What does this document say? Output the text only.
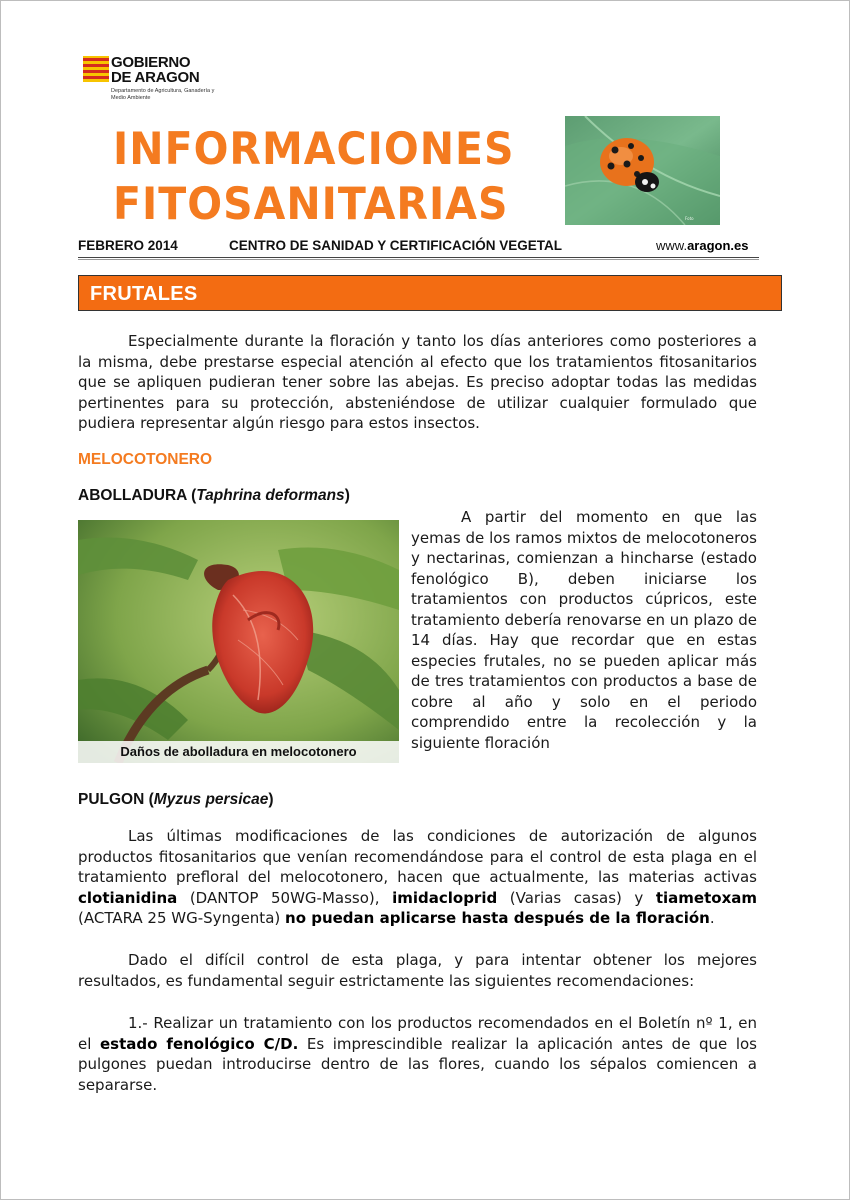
GOBIERNO
DE ARAGON
Departamento de Agricultura, Ganadería y Medio Ambiente
INFORMACIONES
FITOSANITARIAS	Foto
FEBRERO 2014	CENTRO DE SANIDAD Y CERTIFICACIÓN VEGETAL	www.aragon.es
FRUTALES
Especialmente durante la floración y tanto los días anteriores como posteriores a la misma, debe prestarse especial atención al efecto que los tratamientos fitosanitarios que se apliquen pudieran tener sobre las abejas. Es preciso adoptar todas las medidas pertinentes para su protección, absteniéndose de utilizar cualquier formulado que pudiera representar algún riesgo para estos insectos.
MELOCOTONERO
ABOLLADURA (Taphrina deformans)
Daños de abolladura en melocotonero
A partir del momento en que las yemas de los ramos mixtos de melocotoneros y nectarinas, comienzan a hincharse (estado fenológico B), deben iniciarse los tratamientos con productos cúpricos, este tratamiento debería renovarse en un plazo de 14 días. Hay que recordar que en estas especies frutales, no se pueden aplicar más de tres tratamientos con productos a base de cobre al año y solo en el periodo comprendido entre la recolección y la siguiente floración
PULGON (Myzus persicae)
Las últimas modificaciones de las condiciones de autorización de algunos productos fitosanitarios que venían recomendándose para el control de esta plaga en el tratamiento prefloral del melocotonero, hacen que actualmente, las materias activas clotianidina (DANTOP 50WG-Masso), imidacloprid (Varias casas) y tiametoxam (ACTARA 25 WG-Syngenta) no puedan aplicarse hasta después de la floración.
Dado el difícil control de esta plaga, y para intentar obtener los mejores resultados, es fundamental seguir estrictamente las siguientes recomendaciones:
1.- Realizar un tratamiento con los productos recomendados en el Boletín nº 1, en el estado fenológico C/D. Es imprescindible realizar la aplicación antes de que los pulgones puedan introducirse dentro de las flores, cuando los sépalos comiencen a separarse.
